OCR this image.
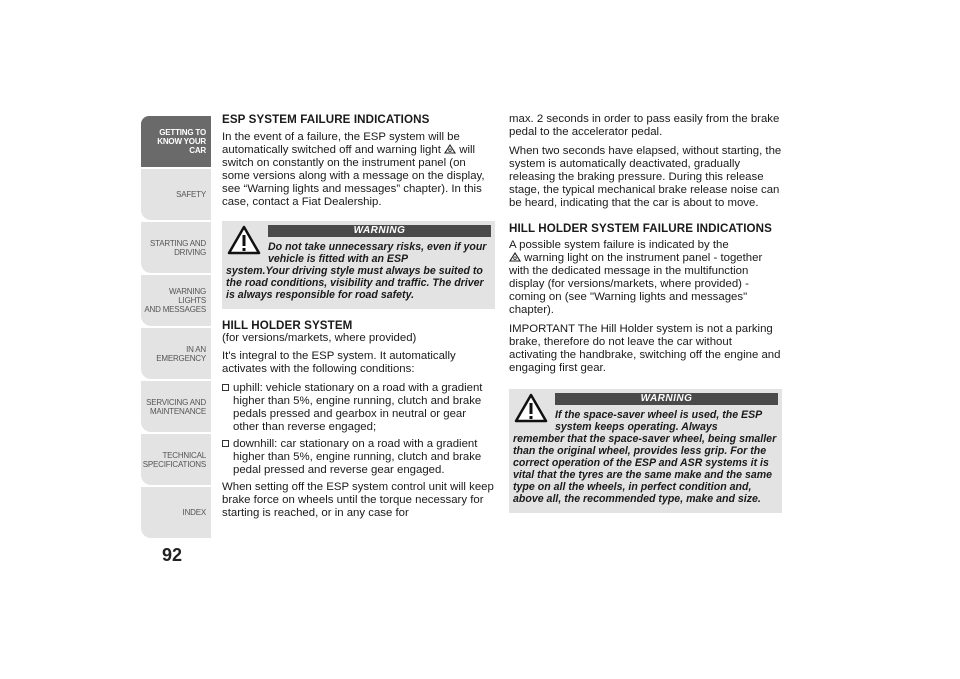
GETTING TO
KNOW YOUR CAR
SAFETY
STARTING AND
DRIVING
WARNING LIGHTS
AND MESSAGES
IN AN EMERGENCY
SERVICING AND
MAINTENANCE
TECHNICAL
SPECIFICATIONS
INDEX
92
ESP SYSTEM FAILURE INDICATIONS

In the event of a failure, the ESP system will be automatically switched off and warning light will switch on constantly on the instrument panel (on some versions along with a message on the display, see “Warning lights and messages” chapter). In this case, contact a Fiat Dealership.

WARNING
Do not take unnecessary risks, even if your vehicle is fitted with an ESP
system.Your driving style must always be suited to the road conditions, visibility and traffic. The driver is always responsible for road safety.
HILL HOLDER SYSTEM

(for versions/markets, where provided)

It's integral to the ESP system. It automatically activates with the following conditions:

uphill: vehicle stationary on a road with a gradient higher than 5%, engine running, clutch and brake pedals pressed and gearbox in neutral or gear other than reverse engaged;
downhill: car stationary on a road with a gradient higher than 5%, engine running, clutch and brake pedal pressed and reverse gear engaged.

When setting off the ESP system control unit will keep brake force on wheels until the torque necessary for starting is reached, or in any case for

max. 2 seconds in order to pass easily from the brake pedal to the accelerator pedal.

When two seconds have elapsed, without starting, the system is automatically deactivated, gradually releasing the braking pressure. During this release stage, the typical mechanical brake release noise can be heard, indicating that the car is about to move.

HILL HOLDER SYSTEM FAILURE INDICATIONS

A possible system failure is indicated by the
warning light on the instrument panel - together with the dedicated message in the multifunction display (for versions/markets, where provided) - coming on (see "Warning lights and messages" chapter).

IMPORTANT The Hill Holder system is not a parking brake, therefore do not leave the car without activating the handbrake, switching off the engine and engaging first gear.

WARNING
If the space-saver wheel is used, the ESP system keeps operating. Always
remember that the space-saver wheel, being smaller than the original wheel, provides less grip. For the correct operation of the ESP and ASR systems it is vital that the tyres are the same make and the same type on all the wheels, in perfect condition and, above all, the recommended type, make and size.
